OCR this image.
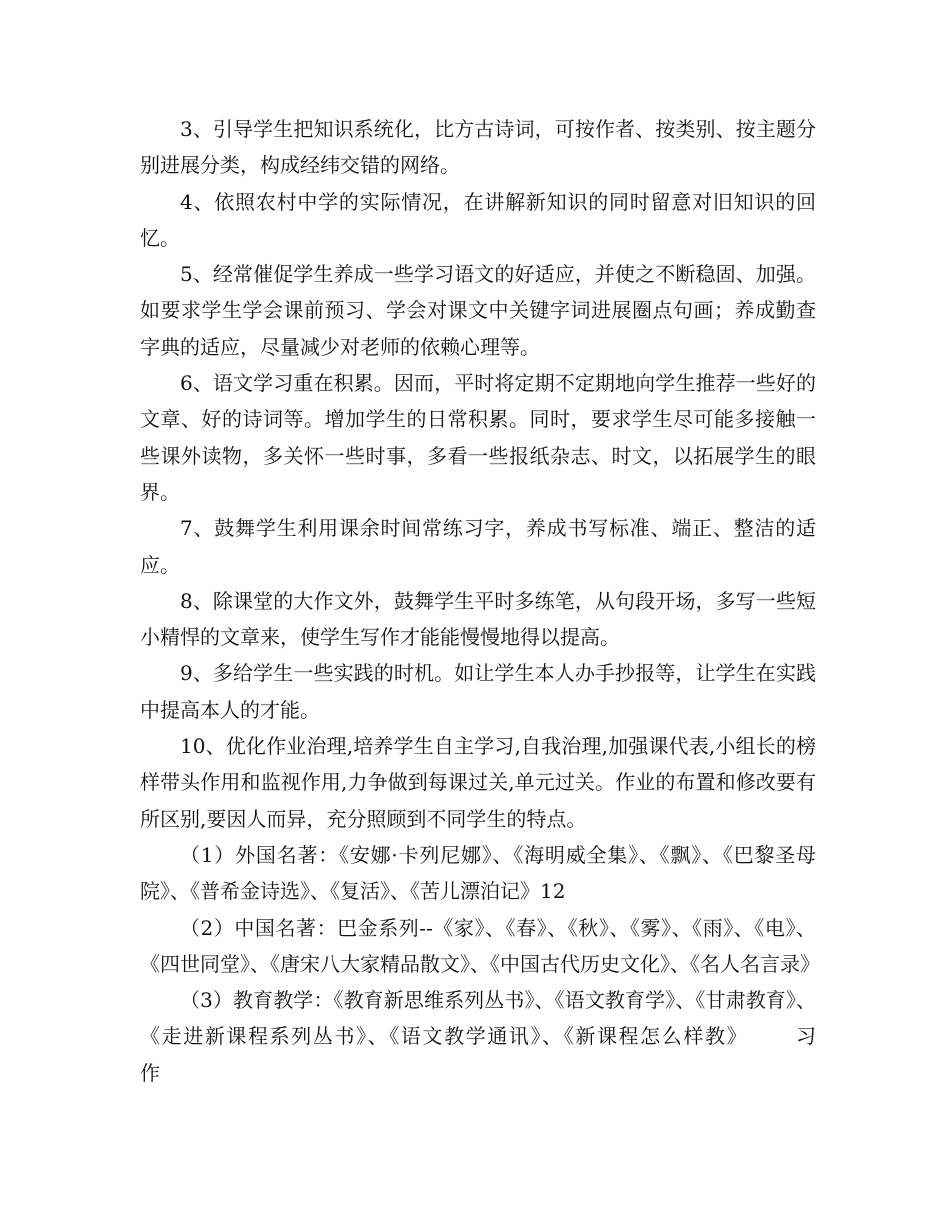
3、引导学生把知识系统化，比方古诗词，可按作者、按类别、按主题分别进展分类，构成经纬交错的网络。

4、依照农村中学的实际情况，在讲解新知识的同时留意对旧知识的回忆。

5、经常催促学生养成一些学习语文的好适应，并使之不断稳固、加强。如要求学生学会课前预习、学会对课文中关键字词进展圈点句画；养成勤查字典的适应，尽量减少对老师的依赖心理等。

6、语文学习重在积累。因而，平时将定期不定期地向学生推荐一些好的文章、好的诗词等。增加学生的日常积累。同时，要求学生尽可能多接触一些课外读物，多关怀一些时事，多看一些报纸杂志、时文，以拓展学生的眼界。

7、鼓舞学生利用课余时间常练习字，养成书写标准、端正、整洁的适应。

8、除课堂的大作文外，鼓舞学生平时多练笔，从句段开场，多写一些短小精悍的文章来，使学生写作才能能慢慢地得以提高。

9、多给学生一些实践的时机。如让学生本人办手抄报等，让学生在实践中提高本人的才能。

10、优化作业治理,培养学生自主学习,自我治理,加强课代表,小组长的榜样带头作用和监视作用,力争做到每课过关,单元过关。作业的布置和修改要有所区别,要因人而异，充分照顾到不同学生的特点。

（1）外国名著：《安娜·卡列尼娜》、《海明威全集》、《飘》、《巴黎圣母院》、《普希金诗选》、《复活》、《苦儿漂泊记》12

（2）中国名著：巴金系列--《家》、《春》、《秋》、《雾》、《雨》、《电》、《四世同堂》、《唐宋八大家精品散文》、《中国古代历史文化》、《名人名言录》

（3）教育教学：《教育新思维系列丛书》、《语文教育学》、《甘肃教育》、《走进新课程系列丛书》、《语文教学通讯》、《新课程怎么样教》      习      作
